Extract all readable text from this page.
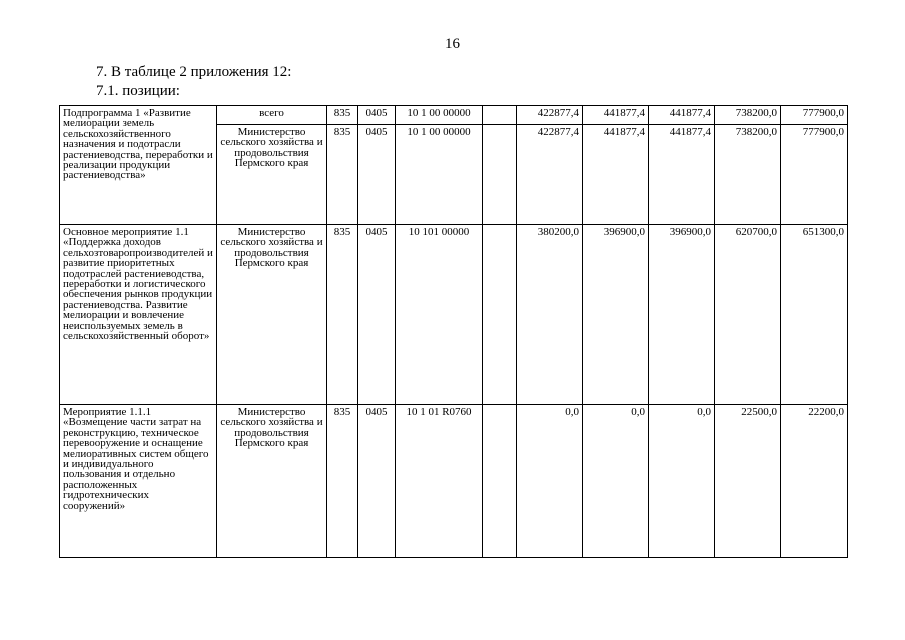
16
7. В таблице 2 приложения 12:
7.1. позиции:
Подпрограмма 1 «Развитие мелиорации земель сельскохозяйственного назначения и подотрасли растениеводства, переработки и реализации продукции растениеводства»	всего	835	0405	10 1 00 00000		422877,4	441877,4	441877,4	738200,0	777900,0
	Министерство сельского хозяйства и продовольствия Пермского края	835	0405	10 1 00 00000		422877,4	441877,4	441877,4	738200,0	777900,0
Основное мероприятие 1.1 «Поддержка доходов сельхозтоваропроизводителей и развитие приоритетных подотраслей растениеводства, переработки и логистического обеспечения рынков продукции растениеводства. Развитие мелиорации и вовлечение неиспользуемых земель в сельскохозяйственный оборот»	Министерство сельского хозяйства и продовольствия Пермского края	835	0405	10 101 00000		380200,0	396900,0	396900,0	620700,0	651300,0
Мероприятие 1.1.1 «Возмещение части затрат на реконструкцию, техническое перевооружение и оснащение мелиоративных систем общего и индивидуального пользования и отдельно расположенных гидротехнических сооружений»	Министерство сельского хозяйства и продовольствия Пермского края	835	0405	10 1 01 R0760		0,0	0,0	0,0	22500,0	22200,0
